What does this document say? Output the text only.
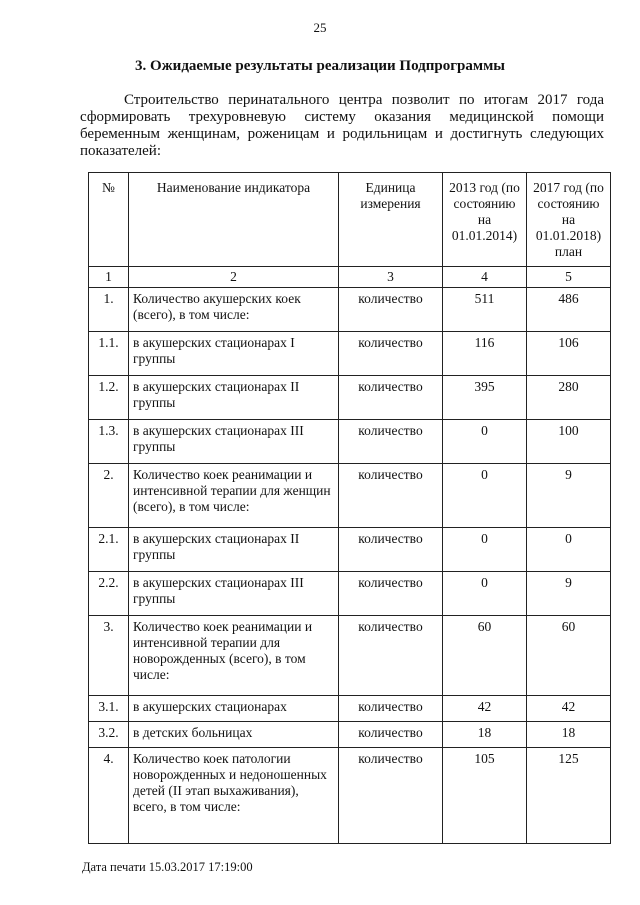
25
3. Ожидаемые результаты реализации Подпрограммы

Строительство перинатального центра позволит по итогам 2017 года сформировать трехуровневую систему оказания медицинской помощи беременным женщинам, роженицам и родильницам и достигнуть следующих показателей:

№	Наименование индикатора	Единица измерения	2013 год (по состоянию на 01.01.2014)	2017 год (по состоянию на 01.01.2018) план
1	2	3	4	5
1.	Количество акушерских коек (всего), в том числе:	количество	511	486
1.1.	в акушерских стационарах I группы	количество	116	106
1.2.	в акушерских стационарах II группы	количество	395	280
1.3.	в акушерских стационарах III группы	количество	0	100
2.	Количество коек реанимации и интенсивной терапии для женщин (всего), в том числе:	количество	0	9
2.1.	в акушерских стационарах II группы	количество	0	0
2.2.	в акушерских стационарах III группы	количество	0	9
3.	Количество коек реанимации и интенсивной терапии для новорожденных (всего), в том числе:	количество	60	60
3.1.	в акушерских стационарах	количество	42	42
3.2.	в детских больницах	количество	18	18
4.	Количество коек патологии новорожденных и недоношенных детей (II этап выхаживания), всего, в том числе:	количество	105	125
Дата печати 15.03.2017 17:19:00
